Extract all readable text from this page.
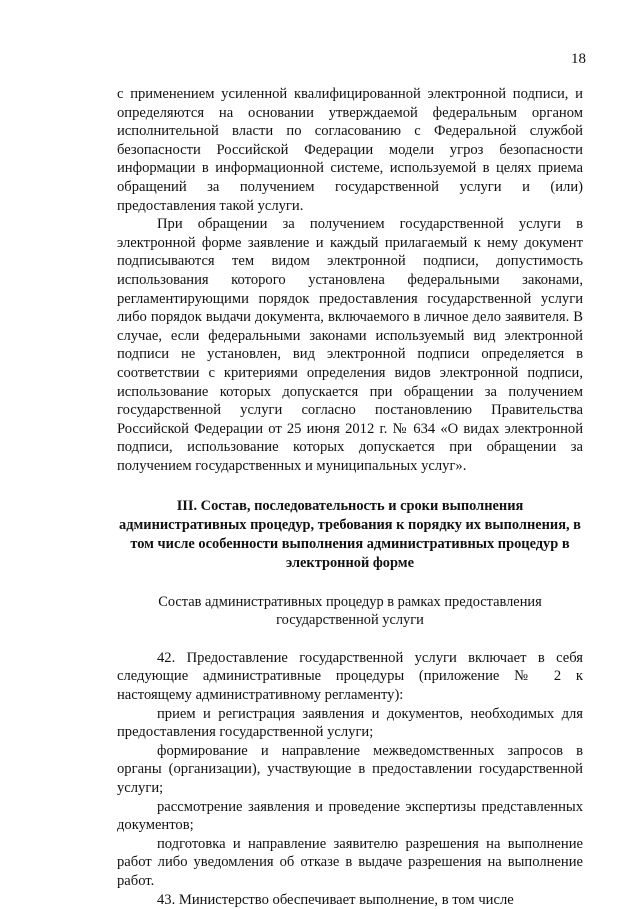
18

с применением усиленной квалифицированной электронной подписи, и определяются на основании утверждаемой федеральным органом исполнительной власти по согласованию с Федеральной службой безопасности Российской Федерации модели угроз безопасности информации в информационной системе, используемой в целях приема обращений за получением государственной услуги и (или) предоставления такой услуги.

При обращении за получением государственной услуги в электронной форме заявление и каждый прилагаемый к нему документ подписываются тем видом электронной подписи, допустимость использования которого установлена федеральными законами, регламентирующими порядок предоставления государственной услуги либо порядок выдачи документа, включаемого в личное дело заявителя. В случае, если федеральными законами используемый вид электронной подписи не установлен, вид электронной подписи определяется в соответствии с критериями определения видов электронной подписи, использование которых допускается при обращении за получением государственной услуги согласно постановлению Правительства Российской Федерации от 25 июня 2012 г. № 634 «О видах электронной подписи, использование которых допускается при обращении за получением государственных и муниципальных услуг».

III. Состав, последовательность и сроки выполнения административных процедур, требования к порядку их выполнения, в том числе особенности выполнения административных процедур в электронной форме

Состав административных процедур в рамках предоставления государственной услуги

42. Предоставление государственной услуги включает в себя следующие административные процедуры (приложение № 2 к настоящему административному регламенту):

прием и регистрация заявления и документов, необходимых для предоставления государственной услуги;

формирование и направление межведомственных запросов в органы (организации), участвующие в предоставлении государственной услуги;

рассмотрение заявления и проведение экспертизы представленных документов;

подготовка и направление заявителю разрешения на выполнение работ либо уведомления об отказе в выдаче разрешения на выполнение работ.

43. Министерство обеспечивает выполнение, в том числе
